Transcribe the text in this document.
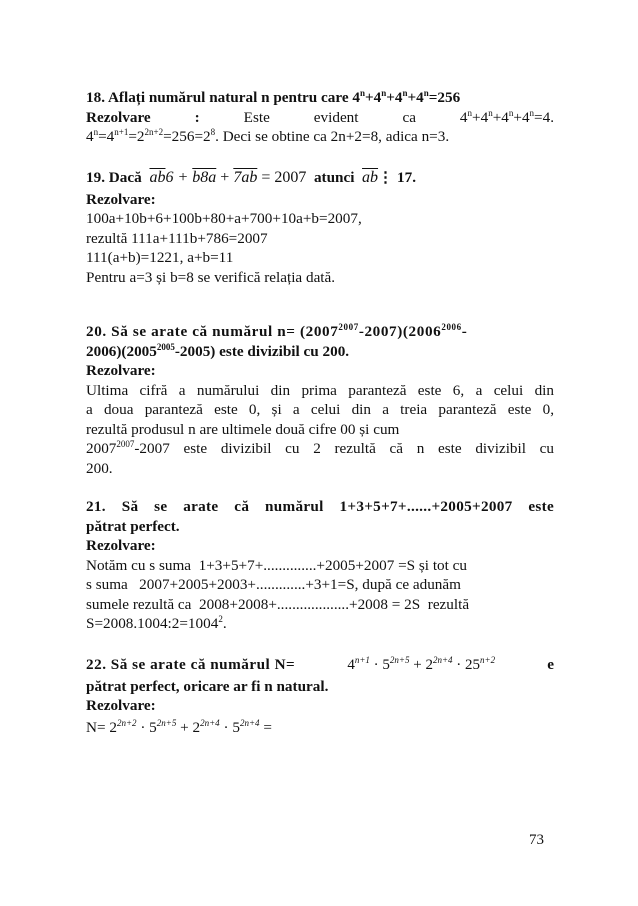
18. Aflați numărul natural n pentru care $4^n+4^n+4^n+4^n=256$
Rezolvare	:	Este	evident	ca	$4^n+4^n+4^n+4^n=4$.
$4^n=4^{n+1}=2^{2n+2}=256=2^8$. Deci se obtine ca 2n+2=8, adica n=3.
19. Dacă $\overline{ab}6 + b8a + 7ab = 2007$ atunci $\overline{ab}⋮$ 17.
Rezolvare:
100a+10b+6+100b+80+a+700+10a+b=2007,
rezultă 111a+111b+786=2007
111(a+b)=1221, a+b=11
Pentru a=3 și b=8 se verifică relația dată.
20. Să se arate că numărul $n= (2007^{2007}-2007)(2006^{2006}-$
$2006)(2005^{2005}-2005)$ este divizibil cu 200.
Rezolvare:
Ultima cifră a numărului din prima paranteză este 6, a celui din
a doua paranteză este 0, și a celui din a treia paranteză este 0,
rezultă produsul n are ultimele două cifre 00 și cum
$2007^{2007}-2007$ este divizibil cu 2 rezultă că n este divizibil cu
200.
21. Să se arate că numărul 1+3+5+7+......+2005+2007 este
pătrat perfect.
Rezolvare:
Notăm cu s suma  1+3+5+7+..............+2005+2007 =S și tot cu
s suma   2007+2005+2003+.............+3+1=S, după ce adunăm
sumele rezultă ca  2008+2008+...................+2008 = 2S  rezultă
$S=2008.1004:2=1004^2$.
22. Să se arate că numărul N=	$4^{n+1} \cdot 5^{2n+5} + 2^{2n+4} \cdot 25^{n+2}$	e
pătrat perfect, oricare ar fi n natural.
Rezolvare:
$N= 2^{2n+2} \cdot 5^{2n+5} + 2^{2n+4} \cdot 5^{2n+4}$ =
73
